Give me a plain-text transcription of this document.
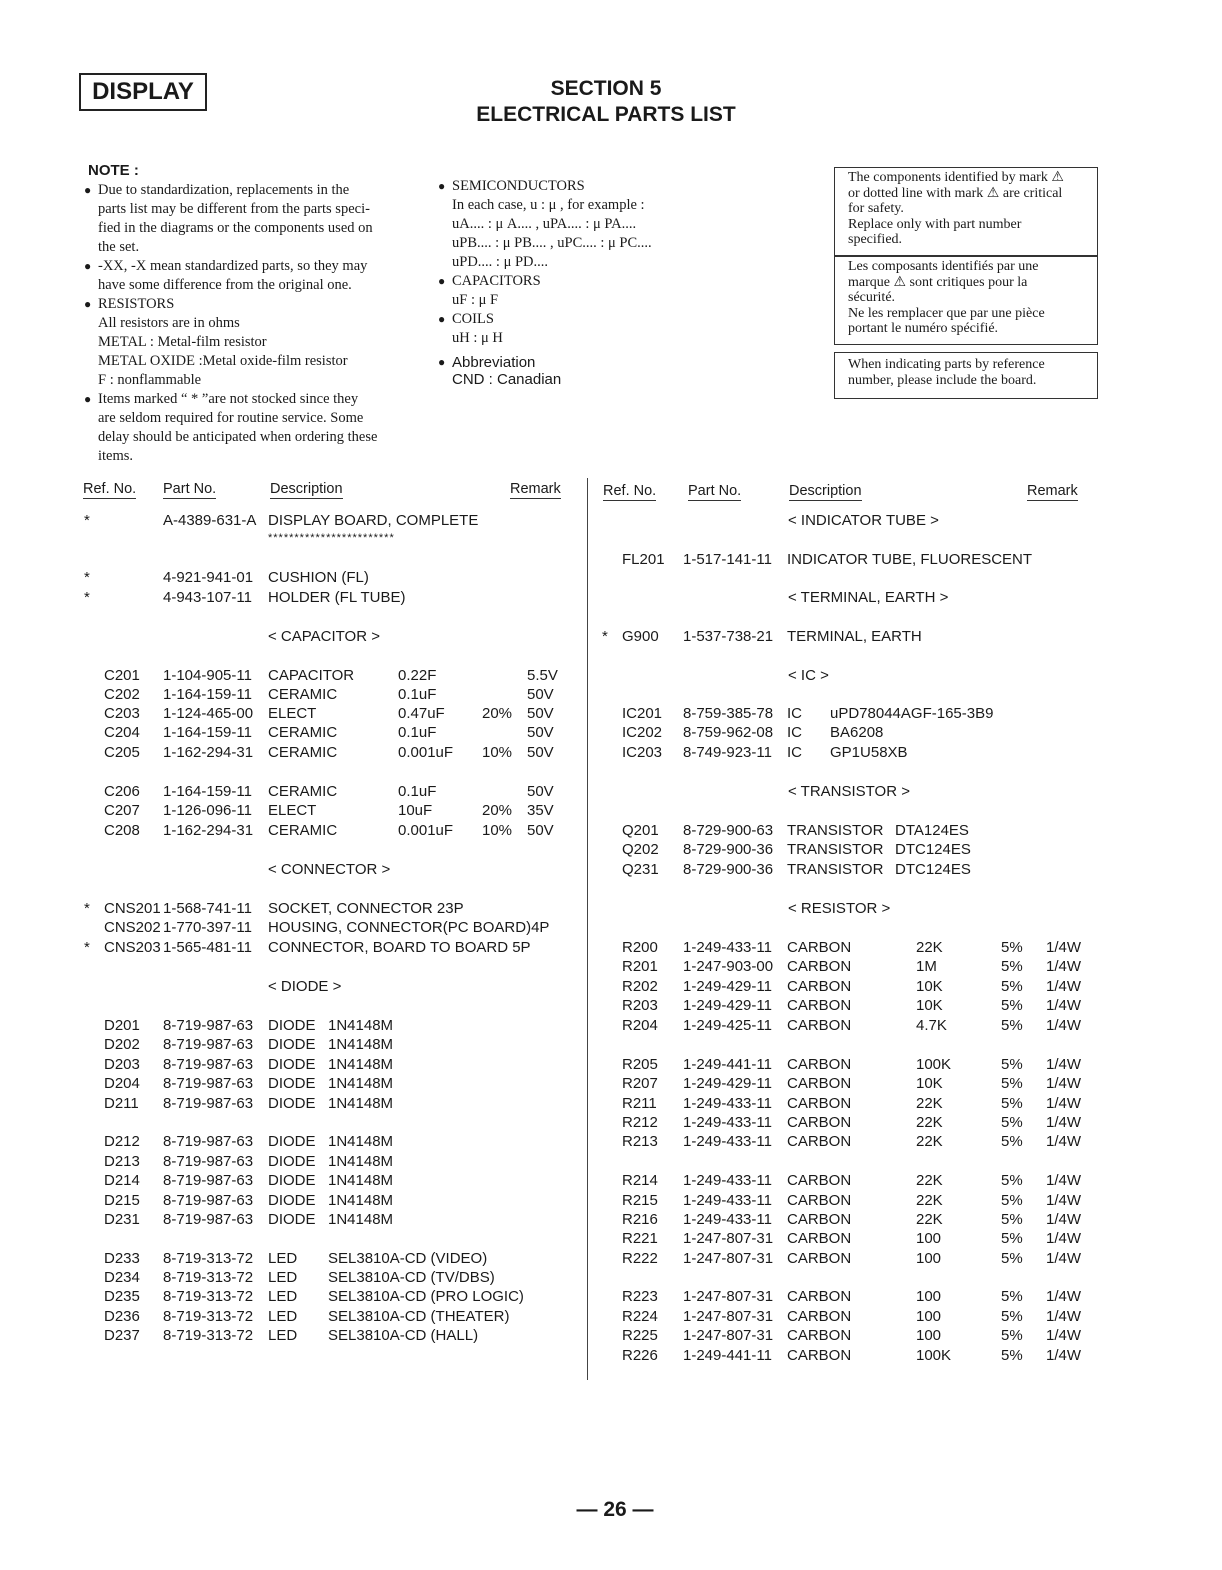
DISPLAY	SECTION 5
ELECTRICAL PARTS LIST
NOTE :
● Due to standardization, replacements in the
parts list may be different from the parts speci-
fied in the diagrams or the components used on
the set.
● -XX, -X mean standardized parts, so they may
have some difference from the original one.
● RESISTORS
All resistors are in ohms
METAL : Metal-film resistor
METAL OXIDE :Metal oxide-film resistor
F : nonflammable
● Items marked “ * ”are not stocked since they
are seldom required for routine service. Some
delay should be anticipated when ordering these
items.
● SEMICONDUCTORS
In each case, u : μ , for example :
uA.... : μ A.... , uPA.... : μ PA....
uPB.... : μ PB.... , uPC.... : μ PC....
uPD.... : μ PD....
● CAPACITORS
uF : μ F
● COILS
uH : μ H
● Abbreviation
CND : Canadian
The components identified by mark ⚠
or dotted line with mark ⚠ are critical
for safety.
Replace only with part number
specified.
Les composants identifiés par une
marque ⚠ sont critiques pour la
sécurité.
Ne les remplacer que par une pièce
portant le numéro spécifié.
When indicating parts by reference
number, please include the board.
Ref. No. Part No.	Description	Remark	Ref. No. Part No.	Description	Remark
*	A-4389-631-A DISPLAY BOARD, COMPLETE
*	4-921-941-01 CUSHION (FL)
*	4-943-107-11 HOLDER (FL TUBE)
< CAPACITOR >
C201 1-104-905-11 CAPACITOR	0.22F	5.5V
C202 1-164-159-11 CERAMIC	0.1uF	50V
C203 1-124-465-00 ELECT	0.47uF 20% 50V
C204 1-164-159-11 CERAMIC	0.1uF	50V
C205 1-162-294-31 CERAMIC	0.001uF 10% 50V
C206 1-164-159-11 CERAMIC	0.1uF	50V
C207 1-126-096-11 ELECT	10uF	20% 35V
C208 1-162-294-31 CERAMIC	0.001uF 10% 50V
< CONNECTOR >
* CNS201 1-568-741-11 SOCKET, CONNECTOR 23P
CNS202 1-770-397-11 HOUSING, CONNECTOR(PC BOARD)4P
* CNS203 1-565-481-11 CONNECTOR, BOARD TO BOARD 5P
< DIODE >
D201 8-719-987-63 DIODE 1N4148M
D202 8-719-987-63 DIODE 1N4148M
D203 8-719-987-63 DIODE 1N4148M
D204 8-719-987-63 DIODE 1N4148M
D211 8-719-987-63 DIODE 1N4148M
D212 8-719-987-63 DIODE 1N4148M
D213 8-719-987-63 DIODE 1N4148M
D214 8-719-987-63 DIODE 1N4148M
D215 8-719-987-63 DIODE 1N4148M
D231 8-719-987-63 DIODE 1N4148M
D233 8-719-313-72 LED SEL3810A-CD (VIDEO)
D234 8-719-313-72 LED SEL3810A-CD (TV/DBS)
D235 8-719-313-72 LED SEL3810A-CD (PRO LOGIC)
D236 8-719-313-72 LED SEL3810A-CD (THEATER)
D237 8-719-313-72 LED SEL3810A-CD (HALL)
************************
< INDICATOR TUBE >
FL201 1-517-141-11 INDICATOR TUBE, FLUORESCENT
< TERMINAL, EARTH >
* G900 1-537-738-21 TERMINAL, EARTH
< IC >
IC201 8-759-385-78 IC uPD78044AGF-165-3B9
IC202 8-759-962-08 IC BA6208
IC203 8-749-923-11 IC GP1U58XB
< TRANSISTOR >
Q201 8-729-900-63 TRANSISTOR DTA124ES
Q202 8-729-900-36 TRANSISTOR DTC124ES
Q231 8-729-900-36 TRANSISTOR DTC124ES
< RESISTOR >
R200 1-249-433-11 CARBON	22K	5% 1/4W
R201 1-247-903-00 CARBON	1M	5% 1/4W
R202 1-249-429-11 CARBON	10K	5% 1/4W
R203 1-249-429-11 CARBON	10K	5% 1/4W
R204 1-249-425-11 CARBON	4.7K	5% 1/4W
R205 1-249-441-11 CARBON	100K	5% 1/4W
R207 1-249-429-11 CARBON	10K	5% 1/4W
R211 1-249-433-11 CARBON	22K	5% 1/4W
R212 1-249-433-11 CARBON	22K	5% 1/4W
R213 1-249-433-11 CARBON	22K	5% 1/4W
R214 1-249-433-11 CARBON	22K	5% 1/4W
R215 1-249-433-11 CARBON	22K	5% 1/4W
R216 1-249-433-11 CARBON	22K	5% 1/4W
R221 1-247-807-31 CARBON	100	5% 1/4W
R222 1-247-807-31 CARBON	100	5% 1/4W
R223 1-247-807-31 CARBON	100	5% 1/4W
R224 1-247-807-31 CARBON	100	5% 1/4W
R225 1-247-807-31 CARBON	100	5% 1/4W
R226 1-249-441-11 CARBON	100K	5% 1/4W
— 26 —
